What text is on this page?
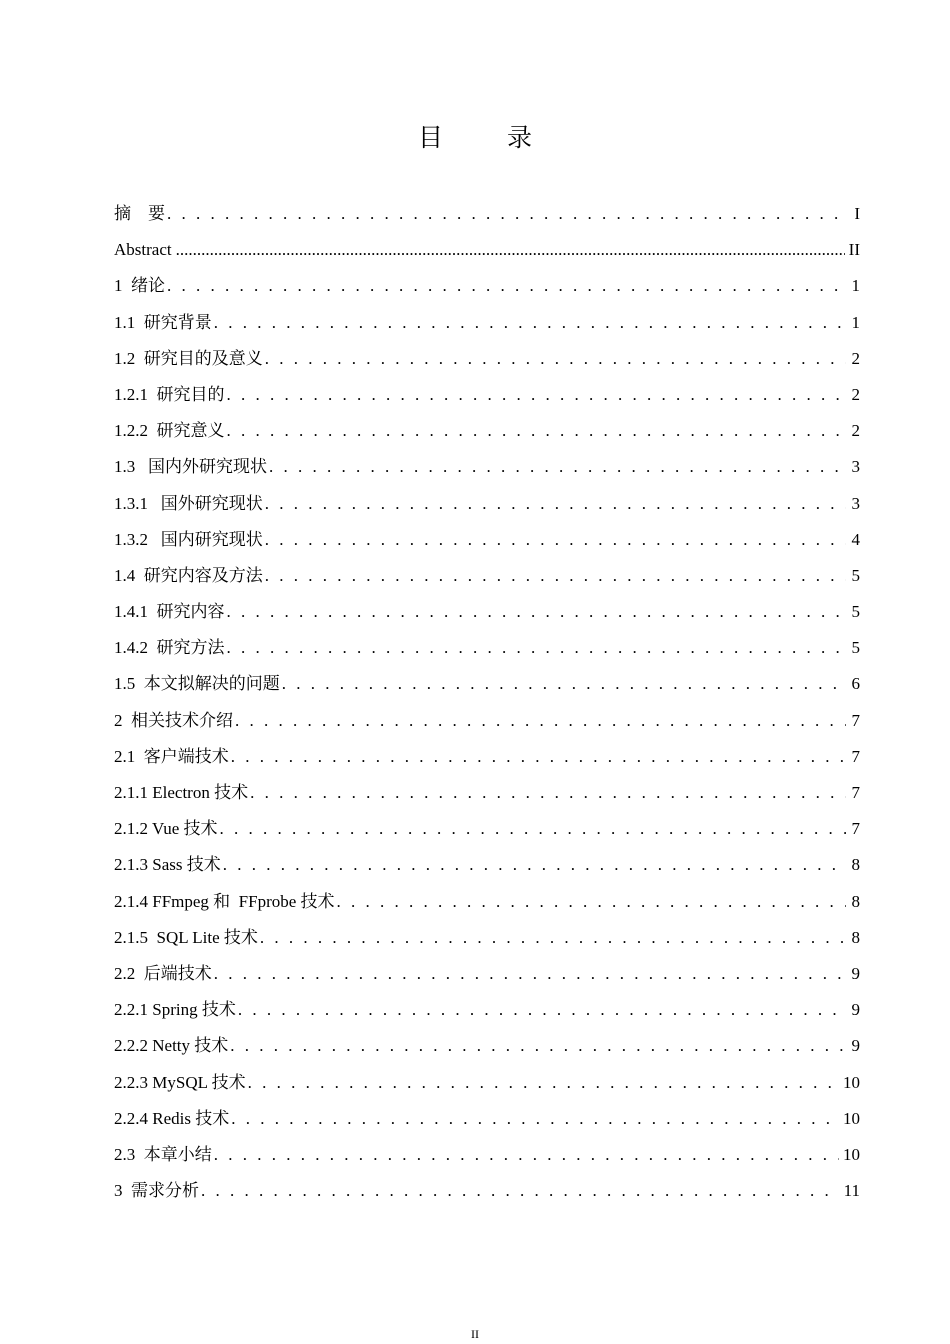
目 录
摘    要 . . .	I
Abstract .....	II
1  绪论 . . .	1
1.1  研究背景 . . .	1
1.2  研究目的及意义 . . .	2
1.2.1  研究目的 . . .	2
1.2.2  研究意义 . . .	2
1.3   国内外研究现状 . . .	3
1.3.1   国外研究现状 . . .	3
1.3.2   国内研究现状 . . .	4
1.4  研究内容及方法 . . .	5
1.4.1  研究内容 . . .	5
1.4.2  研究方法 . . .	5
1.5  本文拟解决的问题 . . .	6
2  相关技术介绍 . . .	7
2.1  客户端技术 . . .	7
2.1.1 Electron 技术 . . .	7
2.1.2 Vue 技术 . . .	7
2.1.3 Sass 技术 . . .	8
2.1.4 FFmpeg 和  FFprobe 技术 . . .	8
2.1.5  SQL Lite 技术 . . .	8
2.2  后端技术 . . .	9
2.2.1 Spring 技术 . . .	9
2.2.2 Netty 技术 . . .	9
2.2.3 MySQL 技术 . . .	10
2.2.4 Redis 技术 . . .	10
2.3  本章小结 . . .	10
3  需求分析 . . .	11
II
